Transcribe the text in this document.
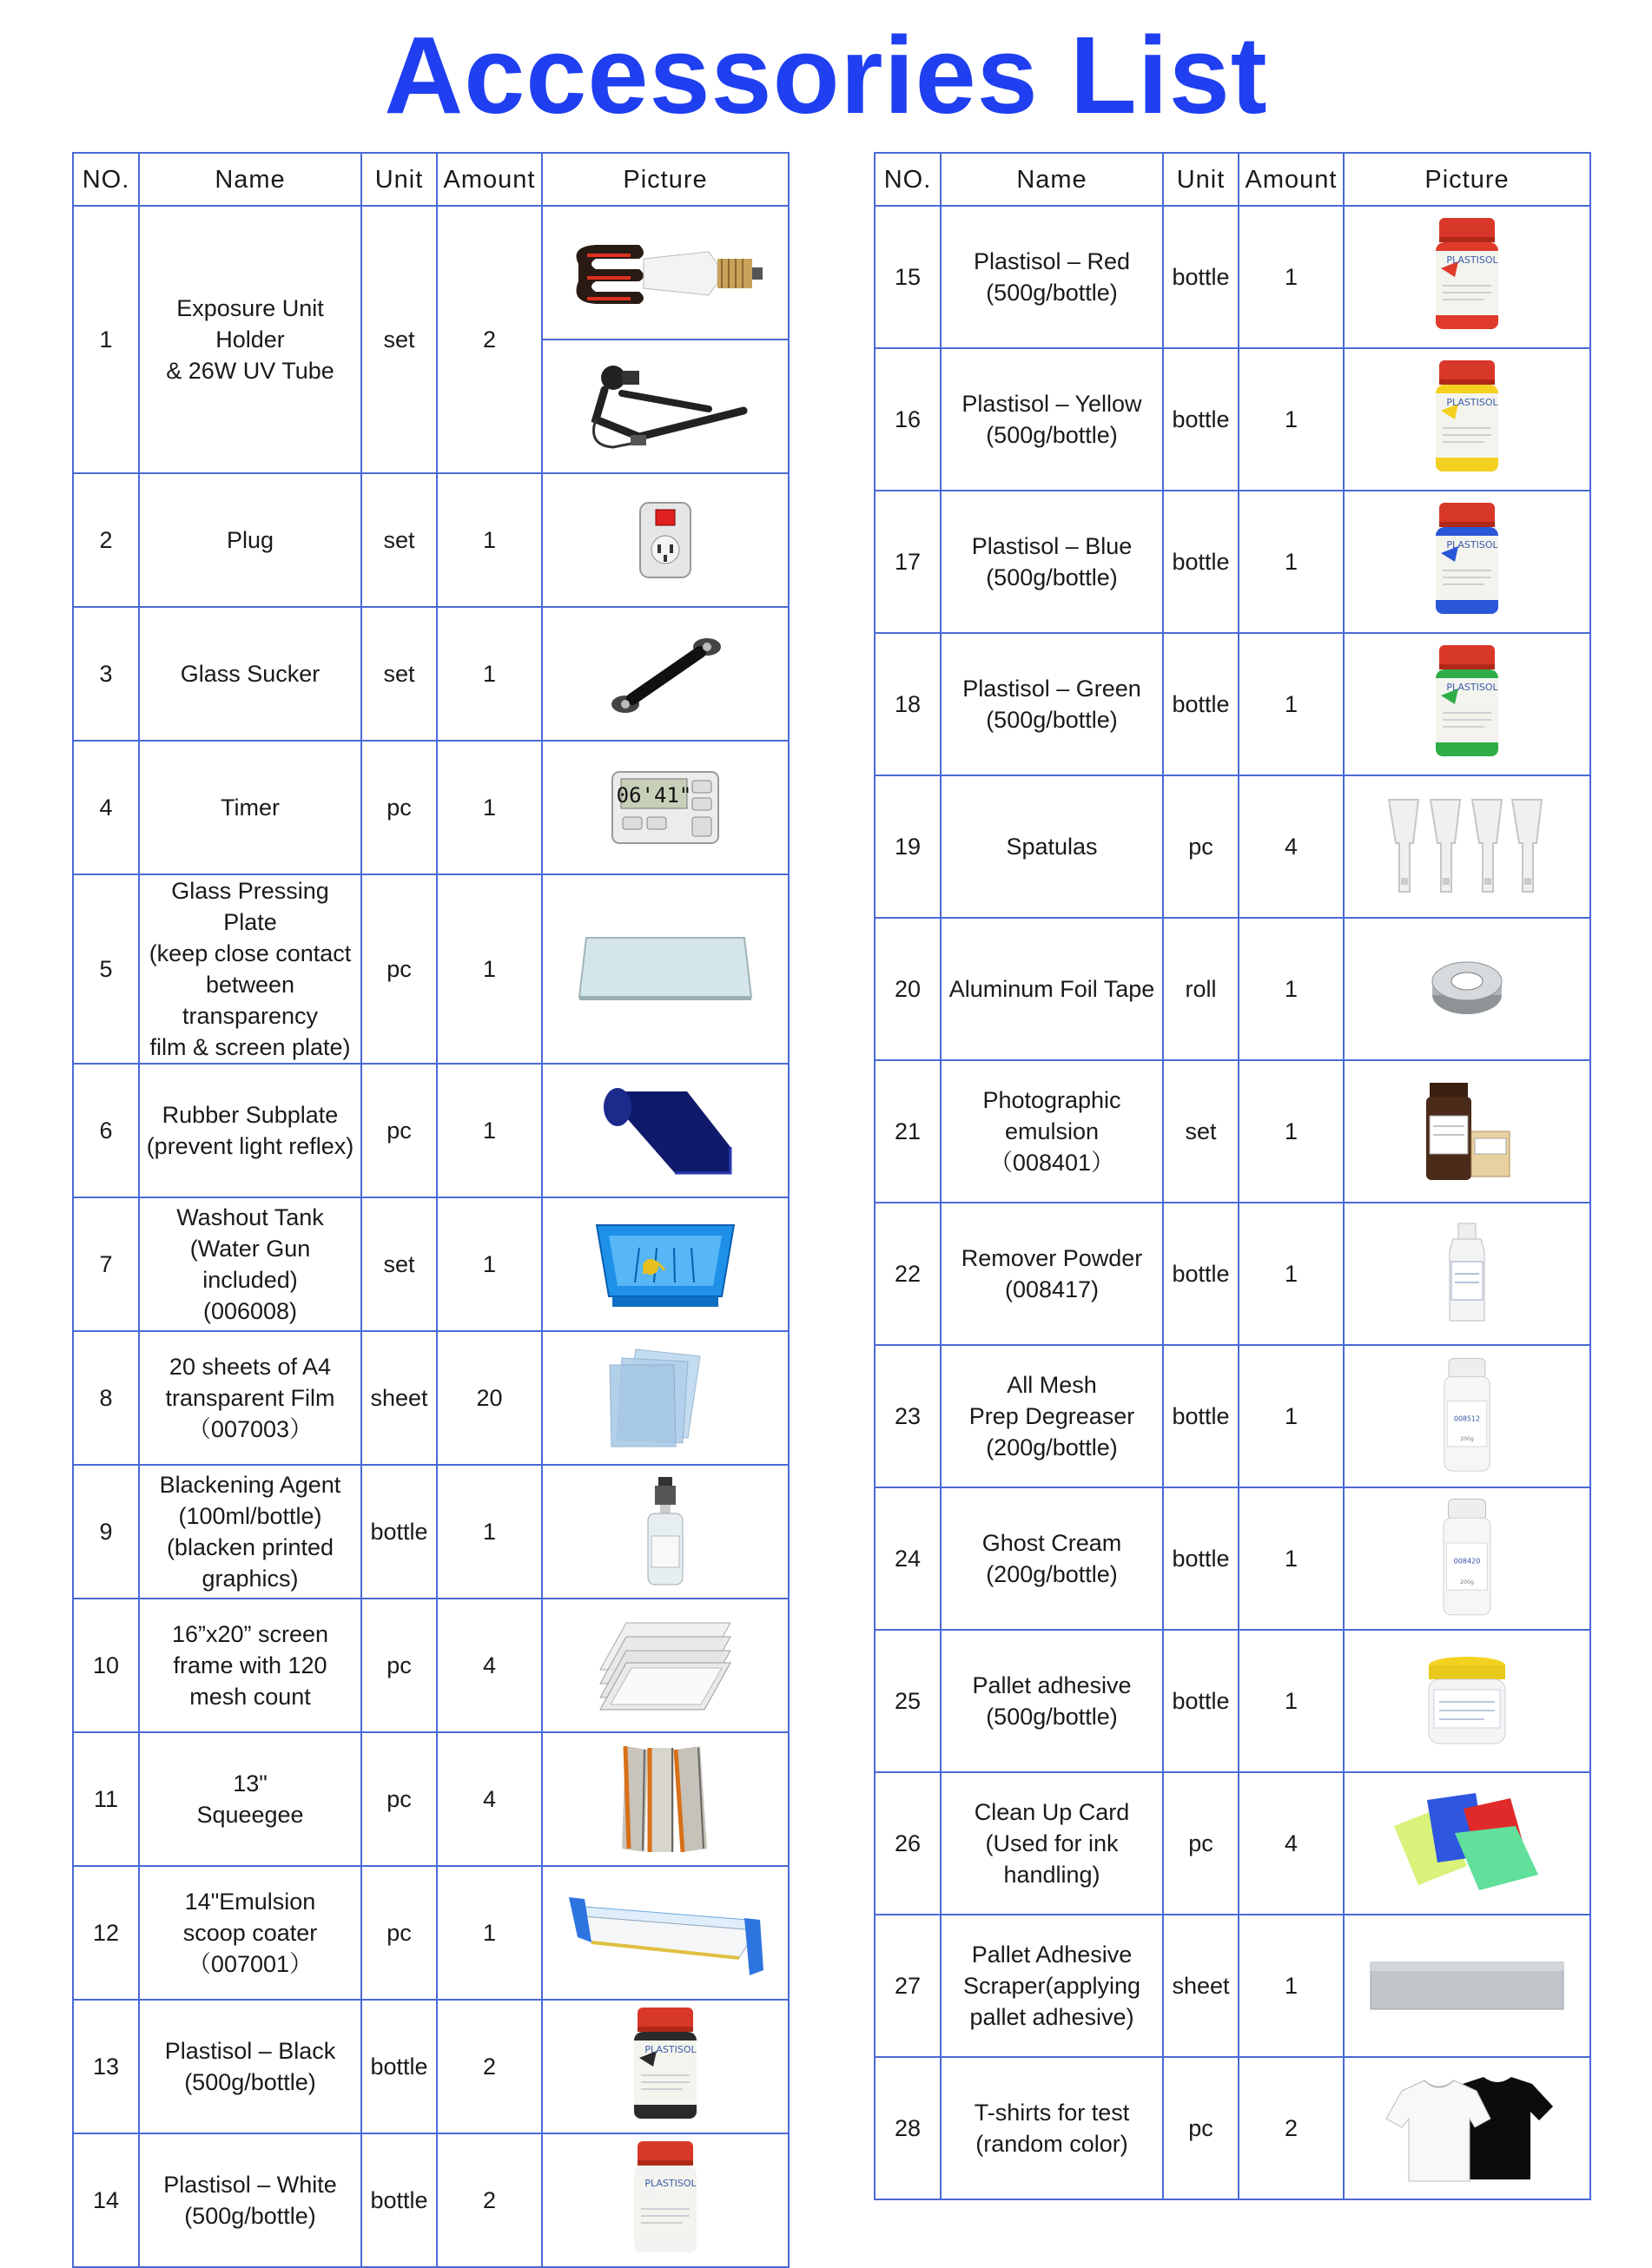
Accessories List
NO.	Name	Unit	Amount	Picture
1	Exposure Unit Holder
& 26W UV Tube	set	2	

2	Plug	set	1	

3	Glass Sucker	set	1	

4	Timer	pc	1	06'41"

5	Glass Pressing Plate
(keep close contact
between transparency
film & screen plate)	pc	1	

6	Rubber Subplate
(prevent light reflex)	pc	1	

7	Washout Tank
(Water Gun included)
(006008)	set	1	

8	20 sheets of A4
transparent Film
（007003）	sheet	20	

9	Blackening Agent
(100ml/bottle)
(blacken printed
graphics)	bottle	1	

10	16”x20” screen
frame with 120
mesh count	pc	4	

11	13"
Squeegee	pc	4	

12	14"Emulsion
scoop coater
（007001）	pc	1	

13	Plastisol – Black
(500g/bottle)	bottle	2	PLASTISOL

14	Plastisol – White
(500g/bottle)	bottle	2	PLASTISOL
NO.	Name	Unit	Amount	Picture
15	Plastisol – Red
(500g/bottle)	bottle	1	PLASTISOL

16	Plastisol – Yellow
(500g/bottle)	bottle	1	PLASTISOL

17	Plastisol – Blue
(500g/bottle)	bottle	1	PLASTISOL

18	Plastisol – Green
(500g/bottle)	bottle	1	PLASTISOL

19	Spatulas	pc	4	

20	Aluminum Foil Tape	roll	1	

21	Photographic
emulsion
（008401）	set	1	

22	Remover Powder
(008417)	bottle	1	

23	All Mesh
Prep Degreaser
(200g/bottle)	bottle	1	008512
200g

24	Ghost Cream
(200g/bottle)	bottle	1	008420
200g

25	Pallet adhesive
(500g/bottle)	bottle	1	

26	Clean Up Card
(Used for ink
handling)	pc	4	

27	Pallet Adhesive
Scraper(applying
pallet adhesive)	sheet	1	

28	T-shirts for test
(random color)	pc	2	
